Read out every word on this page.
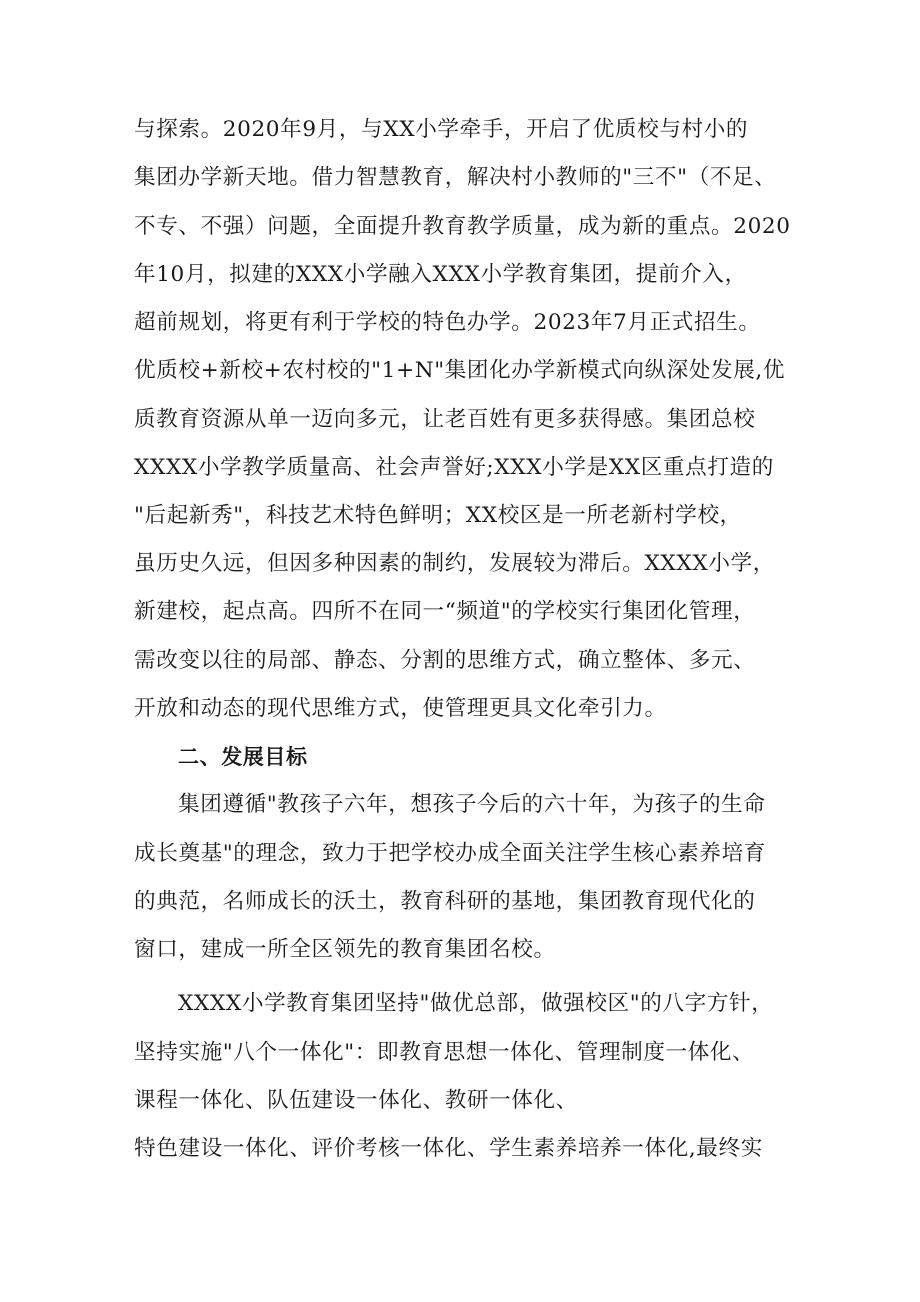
与探索。2020年9月，与XX小学牵手，开启了优质校与村小的
集团办学新天地。借力智慧教育，解决村小教师的"三不"（不足、
不专、不强）问题，全面提升教育教学质量，成为新的重点。2020
年10月，拟建的XXX小学融入XXX小学教育集团，提前介入，
超前规划，将更有利于学校的特色办学。2023年7月正式招生。
优质校+新校+农村校的"1+N"集团化办学新模式向纵深处发展,优
质教育资源从单一迈向多元，让老百姓有更多获得感。集团总校
XXXX小学教学质量高、社会声誉好;XXX小学是XX区重点打造的
"后起新秀"，科技艺术特色鲜明；XX校区是一所老新村学校，
虽历史久远，但因多种因素的制约，发展较为滞后。XXXX小学，
新建校，起点高。四所不在同一“频道"的学校实行集团化管理，
需改变以往的局部、静态、分割的思维方式，确立整体、多元、
开放和动态的现代思维方式，使管理更具文化牵引力。
二、发展目标
集团遵循"教孩子六年，想孩子今后的六十年，为孩子的生命
成长奠基"的理念，致力于把学校办成全面关注学生核心素养培育
的典范，名师成长的沃土，教育科研的基地，集团教育现代化的
窗口，建成一所全区领先的教育集团名校。
XXXX小学教育集团坚持"做优总部，做强校区"的八字方针，
坚持实施"八个一体化"：即教育思想一体化、管理制度一体化、
课程一体化、队伍建设一体化、教研一体化、
特色建设一体化、评价考核一体化、学生素养培养一体化,最终实
